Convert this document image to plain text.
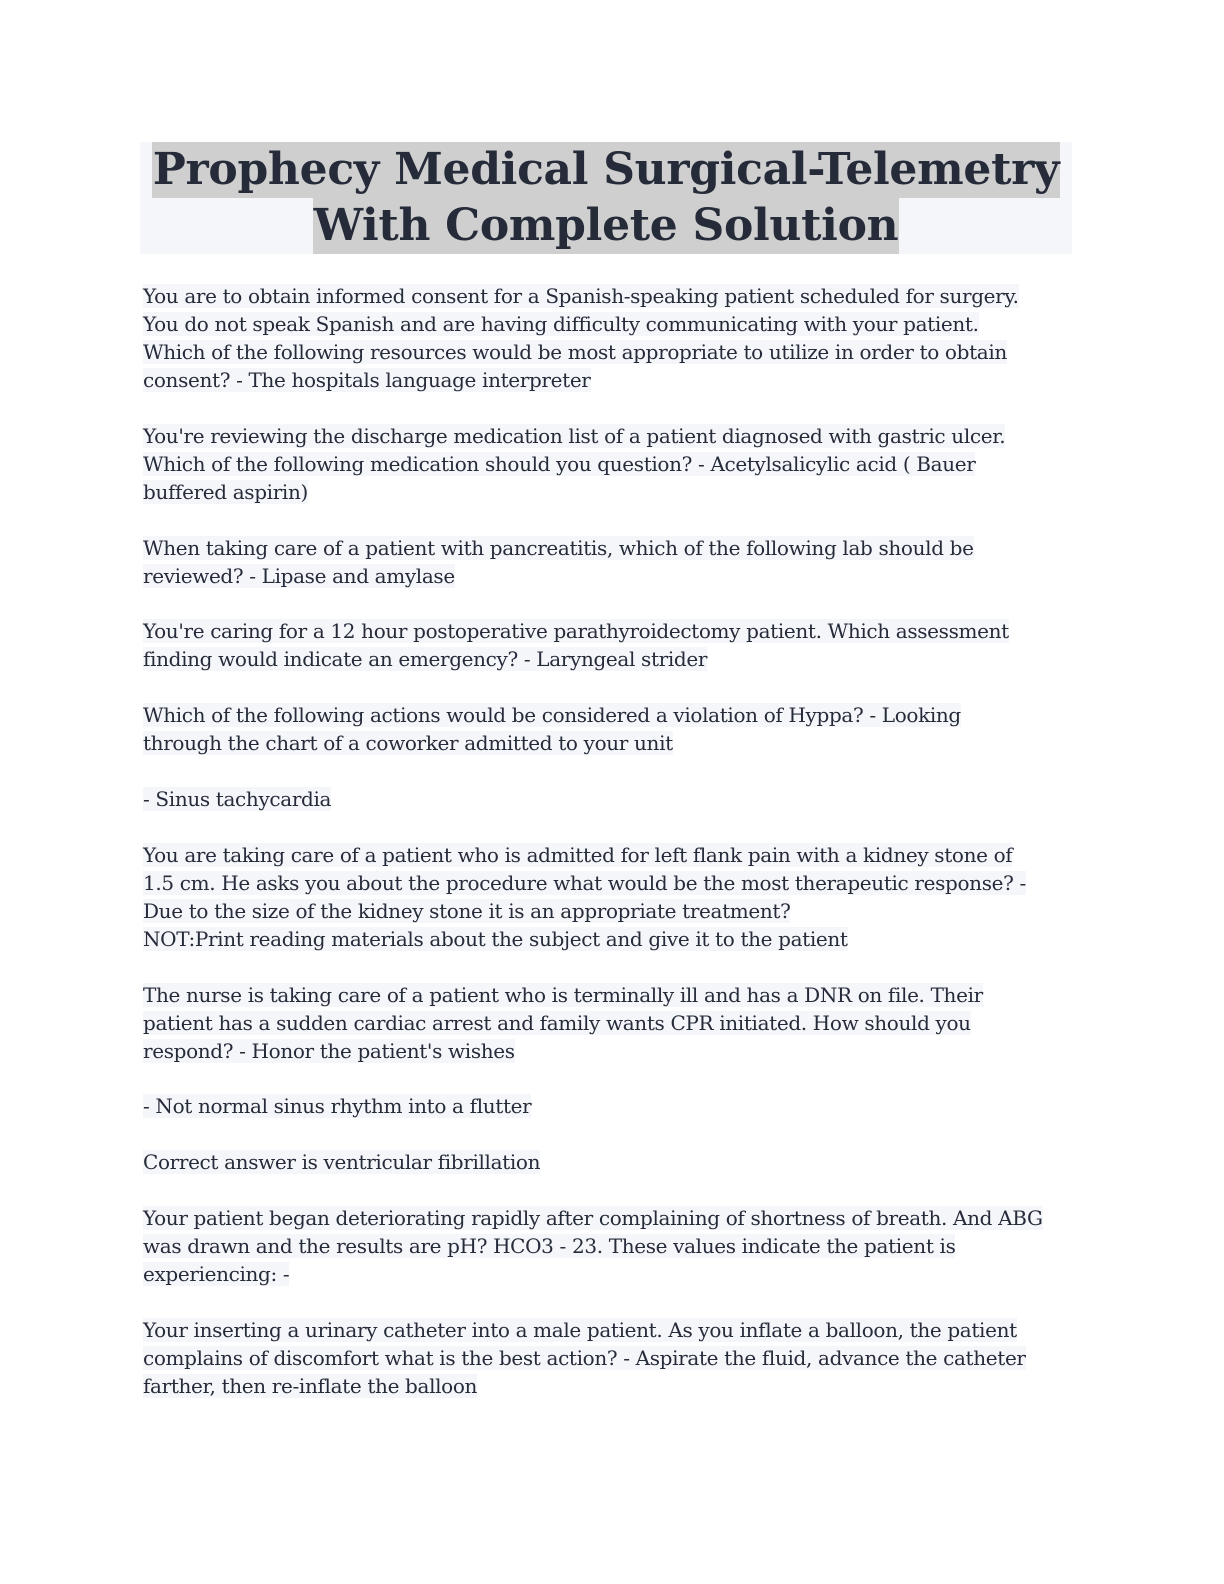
Prophecy Medical Surgical-Telemetry
With Complete Solution
You are to obtain informed consent for a Spanish-speaking patient scheduled for surgery.
You do not speak Spanish and are having difficulty communicating with your patient.
Which of the following resources would be most appropriate to utilize in order to obtain
consent? - The hospitals language interpreter
You're reviewing the discharge medication list of a patient diagnosed with gastric ulcer.
Which of the following medication should you question? - Acetylsalicylic acid ( Bauer
buffered aspirin)
When taking care of a patient with pancreatitis, which of the following lab should be
reviewed? - Lipase and amylase
You're caring for a 12 hour postoperative parathyroidectomy patient. Which assessment
finding would indicate an emergency? - Laryngeal strider
Which of the following actions would be considered a violation of Hyppa? - Looking
through the chart of a coworker admitted to your unit
- Sinus tachycardia
You are taking care of a patient who is admitted for left flank pain with a kidney stone of
1.5 cm. He asks you about the procedure what would be the most therapeutic response? -
Due to the size of the kidney stone it is an appropriate treatment?
NOT:Print reading materials about the subject and give it to the patient
The nurse is taking care of a patient who is terminally ill and has a DNR on file. Their
patient has a sudden cardiac arrest and family wants CPR initiated. How should you
respond? - Honor the patient's wishes
- Not normal sinus rhythm into a flutter
Correct answer is ventricular fibrillation
Your patient began deteriorating rapidly after complaining of shortness of breath. And ABG
was drawn and the results are pH? HCO3 - 23. These values indicate the patient is
experiencing: -
Your inserting a urinary catheter into a male patient. As you inflate a balloon, the patient
complains of discomfort what is the best action? - Aspirate the fluid, advance the catheter
farther, then re-inflate the balloon
